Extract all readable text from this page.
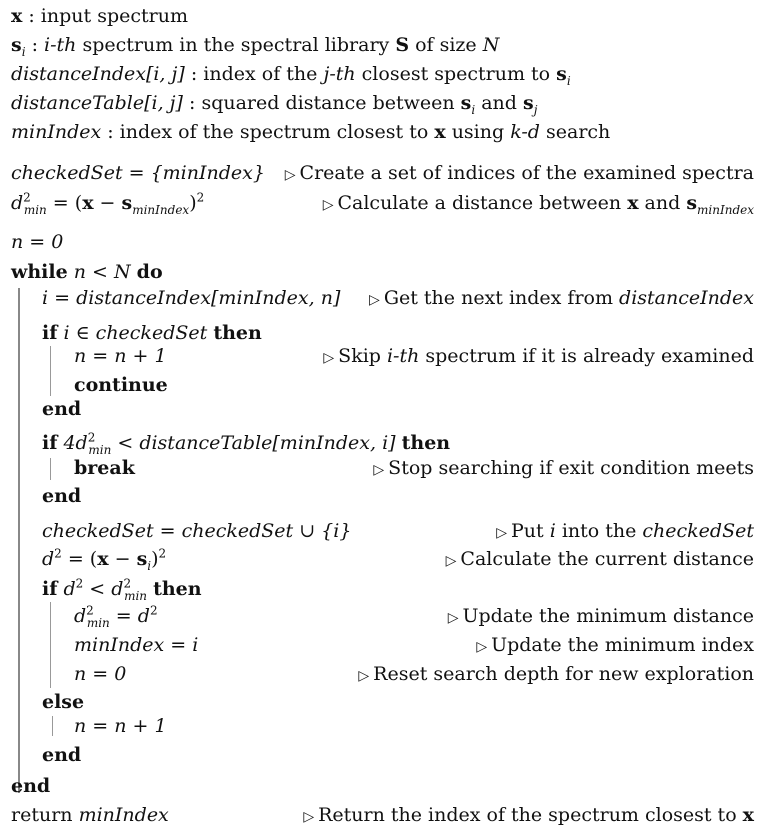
x : input spectrum
$s_i$ : i-th spectrum in the spectral library S of size N
distanceIndex[i, j] : index of the j-th closest spectrum to $s_i$
distanceTable[i, j] : squared distance between $s_i$ and $s_j$
minIndex : index of the spectrum closest to x using k-d search
checkedSet = {minIndex} ▷ Create a set of indices of the examined spectra
$d^2_{min} = (x - s_{minIndex})^2$	▷ Calculate a distance between x and $s_{minIndex}$
n = 0
while n < N do
i = distanceIndex[minIndex, n] ▷ Get the next index from distanceIndex
if i ∈ checkedSet then
n = n + 1	▷ Skip i-th spectrum if it is already examined
continue
end
if $4d^2_{min}$ < distanceTable[minIndex, i] then
break	▷ Stop searching if exit condition meets
end
checkedSet = checkedSet ∪ {i}	▷ Put i into the checkedSet
$d^2 = (x - s_i)^2$	▷ Calculate the current distance
if $d^2 < d^2_{min}$ then
$d^2_{min} = d^2$	▷ Update the minimum distance
minIndex = i	▷ Update the minimum index
n = 0	▷ Reset search depth for new exploration
else
n = n + 1
end
end
return minIndex	▷ Return the index of the spectrum closest to x
